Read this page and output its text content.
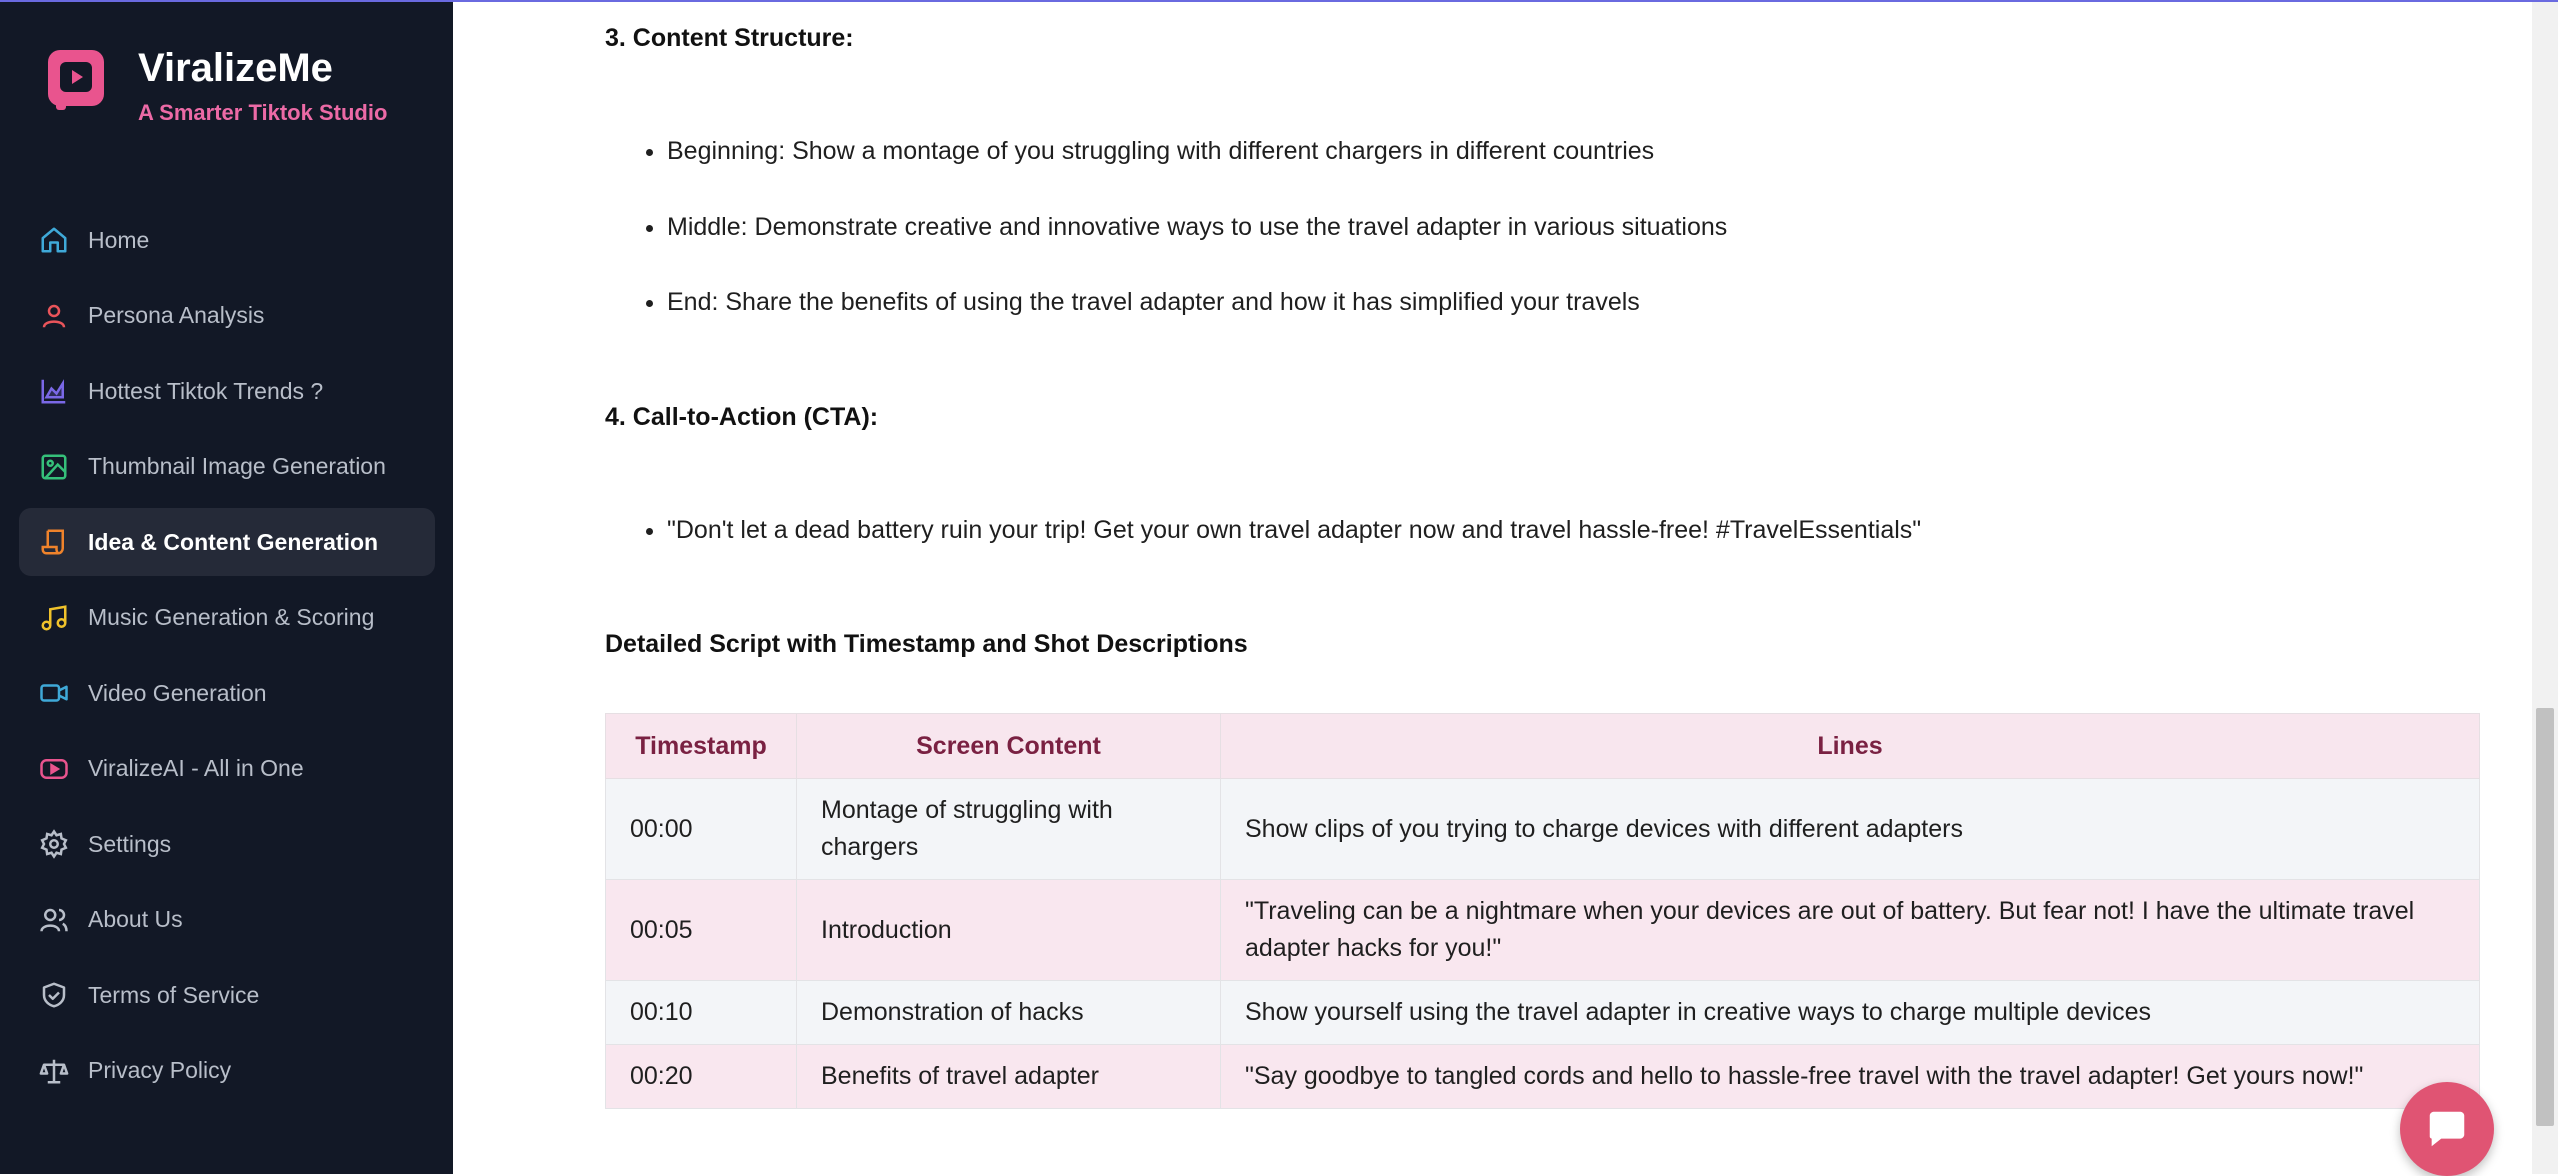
ViralizeMe
A Smarter Tiktok Studio
Home
Persona Analysis
Hottest Tiktok Trends ?
Thumbnail Image Generation
Idea & Content Generation
Music Generation & Scoring
Video Generation
ViralizeAI - All in One
Settings
About Us
Terms of Service
Privacy Policy
3. Content Structure:
• Beginning: Show a montage of you struggling with different chargers in different countries
• Middle: Demonstrate creative and innovative ways to use the travel adapter in various situations
• End: Share the benefits of using the travel adapter and how it has simplified your travels
4. Call-to-Action (CTA):
• "Don't let a dead battery ruin your trip! Get your own travel adapter now and travel hassle-free! #TravelEssentials"
Detailed Script with Timestamp and Shot Descriptions
Timestamp	Screen Content	Lines
00:00	Montage of struggling with chargers	Show clips of you trying to charge devices with different adapters
00:05	Introduction	"Traveling can be a nightmare when your devices are out of battery. But fear not! I have the ultimate travel adapter hacks for you!"
00:10	Demonstration of hacks	Show yourself using the travel adapter in creative ways to charge multiple devices
00:20	Benefits of travel adapter	"Say goodbye to tangled cords and hello to hassle-free travel with the travel adapter! Get yours now!"
